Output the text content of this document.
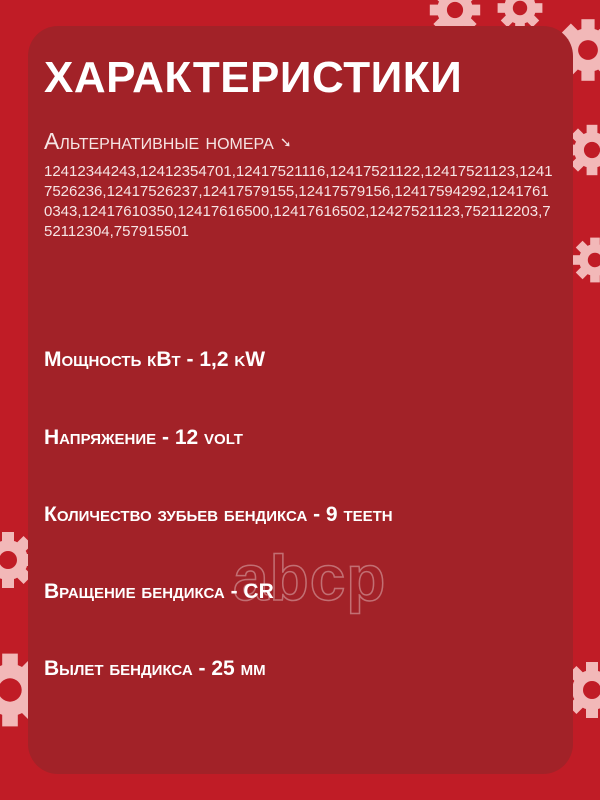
ХАРАКТЕРИСТИКИ
Альтернативные номера ➘
12412344243,12412354701,12417521116,12417521122,12417521123,12417526236,12417526237,12417579155,12417579156,12417594292,12417610343,12417610350,12417616500,12417616502,12427521123,752112203,752112304,757915501
Мощность кВт - 1,2 kW
Напряжение - 12 volt
Количество зубьев бендикса - 9 teeth
Вращение бендикса - CR
Вылет бендикса - 25 мм
abcp
